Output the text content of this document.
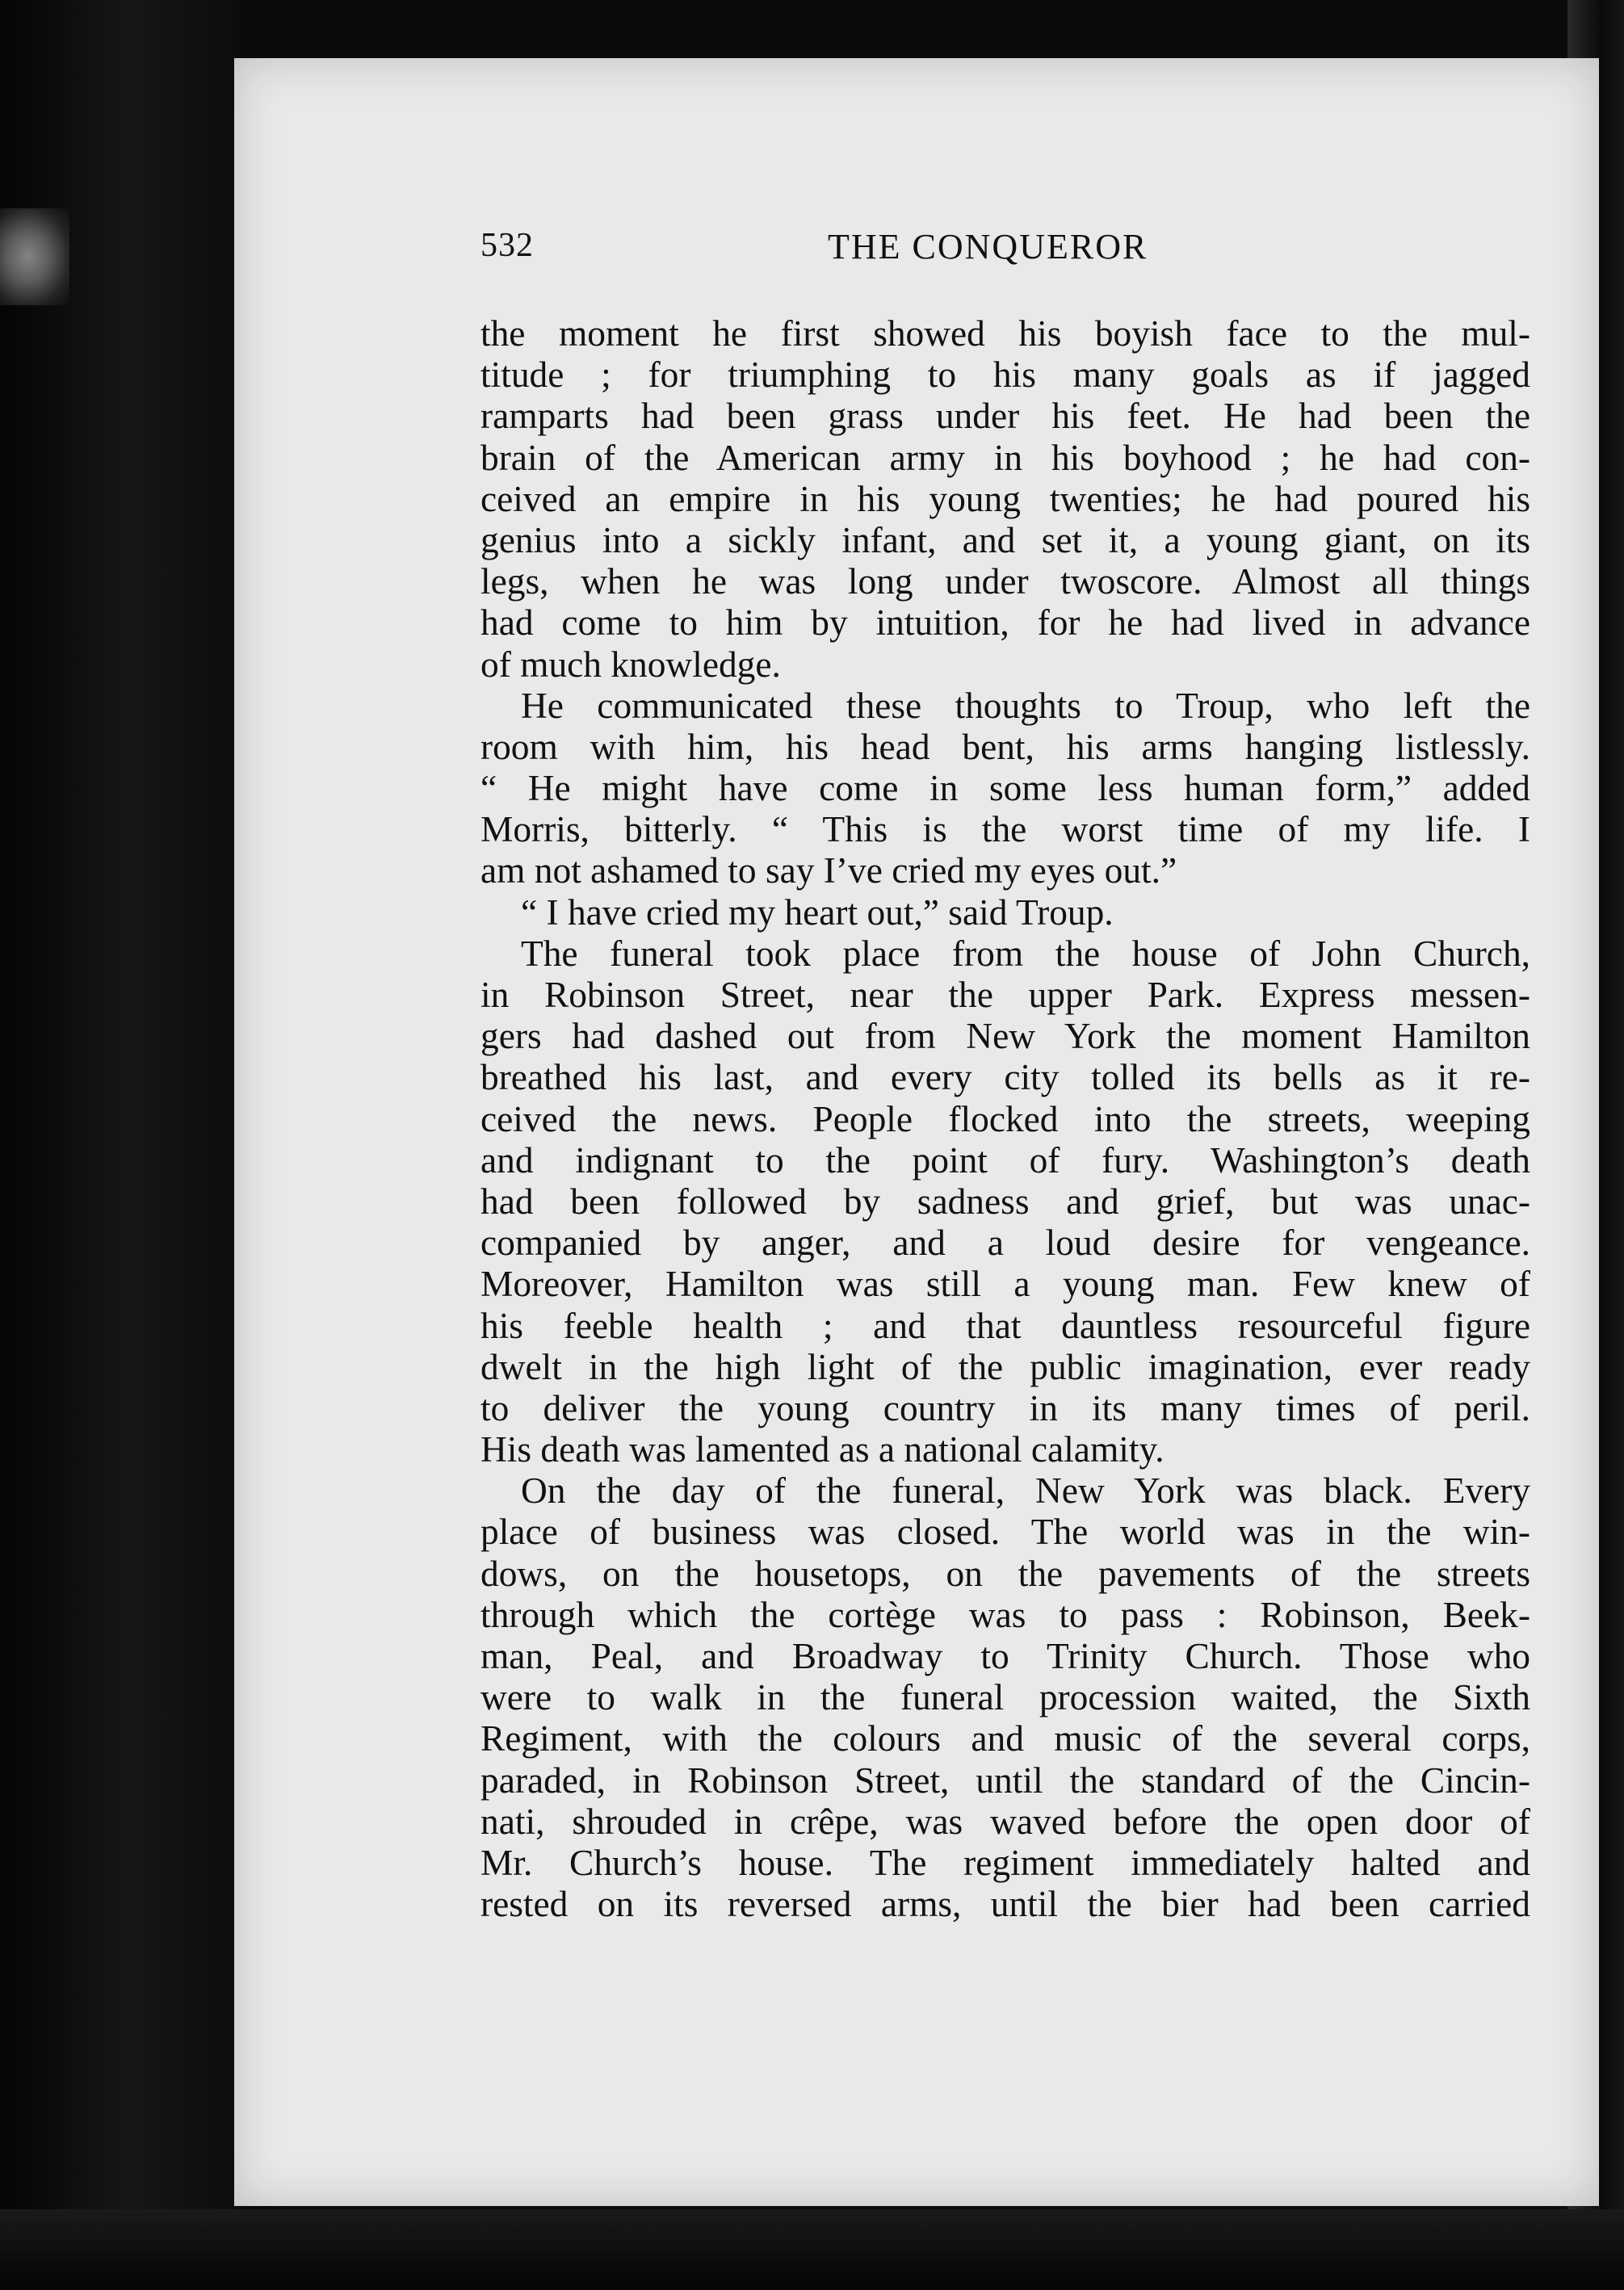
532	THE CONQUEROR
the moment he first showed his boyish face to the mul-
titude ; for triumphing to his many goals as if jagged
ramparts had been grass under his feet. He had been the
brain of the American army in his boyhood ; he had con-
ceived an empire in his young twenties; he had poured his
genius into a sickly infant, and set it, a young giant, on its
legs, when he was long under twoscore. Almost all things
had come to him by intuition, for he had lived in advance
of much knowledge.
He communicated these thoughts to Troup, who left the
room with him, his head bent, his arms hanging listlessly.
“ He might have come in some less human form,” added
Morris, bitterly. “ This is the worst time of my life. I
am not ashamed to say I’ve cried my eyes out.”
“ I have cried my heart out,” said Troup.
The funeral took place from the house of John Church,
in Robinson Street, near the upper Park. Express messen-
gers had dashed out from New York the moment Hamilton
breathed his last, and every city tolled its bells as it re-
ceived the news. People flocked into the streets, weeping
and indignant to the point of fury. Washington’s death
had been followed by sadness and grief, but was unac-
companied by anger, and a loud desire for vengeance.
Moreover, Hamilton was still a young man. Few knew of
his feeble health ; and that dauntless resourceful figure
dwelt in the high light of the public imagination, ever ready
to deliver the young country in its many times of peril.
His death was lamented as a national calamity.
On the day of the funeral, New York was black. Every
place of business was closed. The world was in the win-
dows, on the housetops, on the pavements of the streets
through which the cortège was to pass : Robinson, Beek-
man, Peal, and Broadway to Trinity Church. Those who
were to walk in the funeral procession waited, the Sixth
Regiment, with the colours and music of the several corps,
paraded, in Robinson Street, until the standard of the Cincin-
nati, shrouded in crêpe, was waved before the open door of
Mr. Church’s house. The regiment immediately halted and
rested on its reversed arms, until the bier had been carried
